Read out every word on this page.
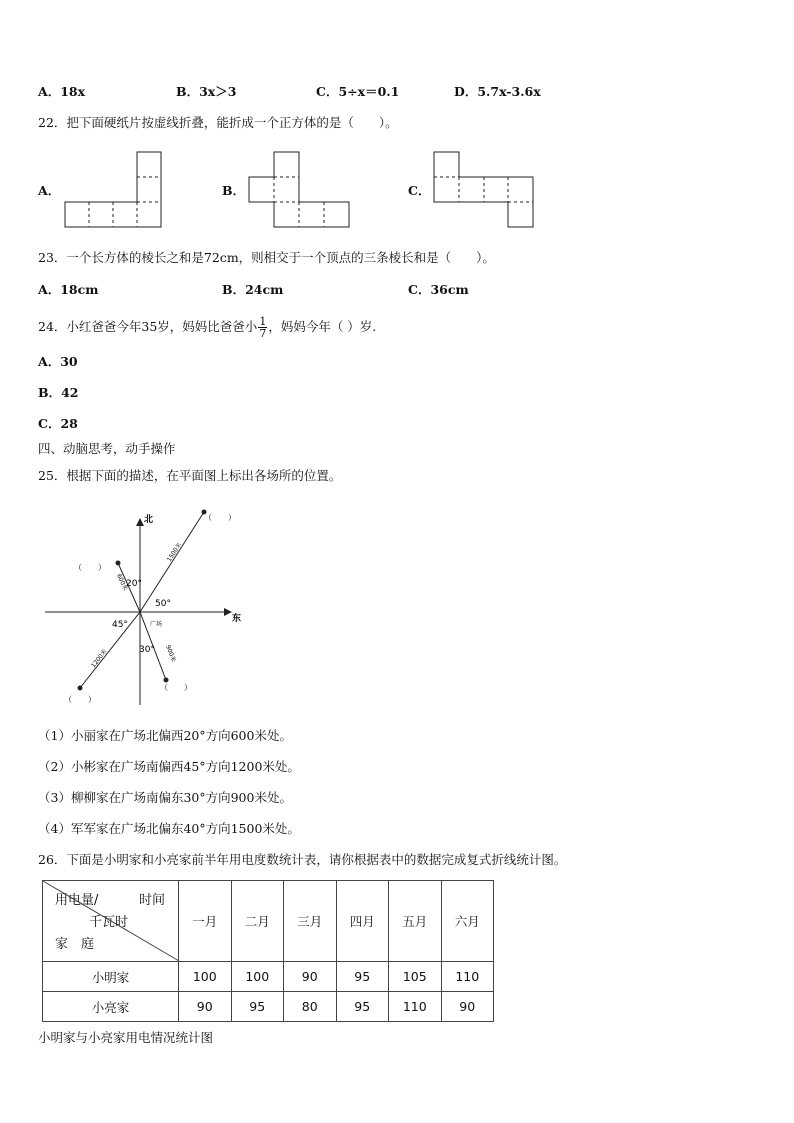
A．18x	B．3x＞3	C．5÷x＝0.1	D．5.7x-3.6x
22．把下面硬纸片按虚线折叠，能折成一个正方体的是（　　）。
A．	B．	C．
23．一个长方体的棱长之和是72cm，则相交于一个顶点的三条棱长和是（　　）。
A．18cm	B．24cm	C．36cm
24．小红爸爸今年35岁，妈妈比爸爸小 $\frac{1}{7}$ ，妈妈今年（ ）岁.
A．30
B．42
C．28
四、动脑思考，动手操作
25．根据下面的描述，在平面图上标出各场所的位置。
北
东
（　　）
（　　）
（　　）
（　　）
20°
50°
45°
30°
广场
1500米
600米
1200米	900米
（1）小丽家在广场北偏西20°方向600米处。
（2）小彬家在广场南偏西45°方向1200米处。
（3）柳柳家在广场南偏东30°方向900米处。
（4）军军家在广场北偏东40°方向1500米处。
26．下面是小明家和小亮家前半年用电度数统计表，请你根据表中的数据完成复式折线统计图。
用电量/ 时间
千瓦时
家　庭	一月	二月	三月	四月	五月	六月
小明家	100	100	90	95	105	110
小亮家	90	95	80	95	110	90
小明家与小亮家用电情况统计图
